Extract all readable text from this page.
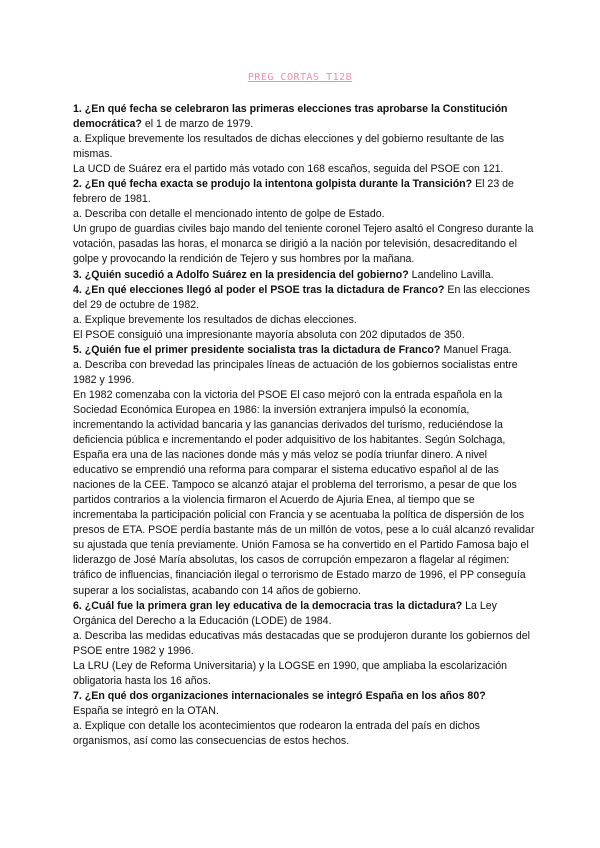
PREG CORTAS T12B

1. ¿En qué fecha se celebraron las primeras elecciones tras aprobarse la Constitución democrática? el 1 de marzo de 1979.

a. Explique brevemente los resultados de dichas elecciones y del gobierno resultante de las mismas.

La UCD de Suárez era el partido más votado con 168 escaños, seguida del PSOE con 121.

2. ¿En qué fecha exacta se produjo la intentona golpista durante la Transición? El 23 de febrero de 1981.

a. Describa con detalle el mencionado intento de golpe de Estado.

Un grupo de guardias civiles bajo mando del teniente coronel Tejero asaltó el Congreso durante la votación, pasadas las horas, el monarca se dirigió a la nación por televisión, desacreditando el golpe y provocando la rendición de Tejero y sus hombres por la mañana.

3. ¿Quién sucedió a Adolfo Suárez en la presidencia del gobierno? Landelino Lavilla.

4. ¿En qué elecciones llegó al poder el PSOE tras la dictadura de Franco? En las elecciones del 29 de octubre de 1982.

a. Explique brevemente los resultados de dichas elecciones.

El PSOE consiguió una impresionante mayoría absoluta con 202 diputados de 350.

5. ¿Quién fue el primer presidente socialista tras la dictadura de Franco? Manuel Fraga.

a. Describa con brevedad las principales líneas de actuación de los gobiernos socialistas entre 1982 y 1996.

En 1982 comenzaba con la victoria del PSOE El caso mejoró con la entrada española en la Sociedad Económica Europea en 1986: la inversión extranjera impulsó la economía, incrementando la actividad bancaria y las ganancias derivados del turismo, reduciéndose la deficiencia pública e incrementando el poder adquisitivo de los habitantes. Según Solchaga, España era una de las naciones donde más y más veloz se podía triunfar dinero. A nivel educativo se emprendió una reforma para comparar el sistema educativo español al de las naciones de la CEE. Tampoco se alcanzó atajar el problema del terrorismo, a pesar de que los partidos contrarios a la violencia firmaron el Acuerdo de Ajuria Enea, al tiempo que se incrementaba la participación policial con Francia y se acentuaba la política de dispersión de los presos de ETA. PSOE perdía bastante más de un millón de votos, pese a lo cuál alcanzó revalidar su ajustada que tenía previamente. Unión Famosa se ha convertido en el Partido Famosa bajo el liderazgo de José María absolutas, los casos de corrupción empezaron a flagelar al régimen: tráfico de influencias, financiación ilegal o terrorismo de Estado marzo de 1996, el PP conseguía superar a los socialistas, acabando con 14 años de gobierno.

6. ¿Cuál fue la primera gran ley educativa de la democracia tras la dictadura? La Ley Orgánica del Derecho a la Educación (LODE) de 1984.

a. Describa las medidas educativas más destacadas que se produjeron durante los gobiernos del PSOE entre 1982 y 1996.

La LRU (Ley de Reforma Universitaria) y la LOGSE en 1990, que ampliaba la escolarización obligatoria hasta los 16 años.

7. ¿En qué dos organizaciones internacionales se integró España en los años 80?

España se integró en la OTAN.

a. Explique con detalle los acontecimientos que rodearon la entrada del país en dichos organismos, así como las consecuencias de estos hechos.
